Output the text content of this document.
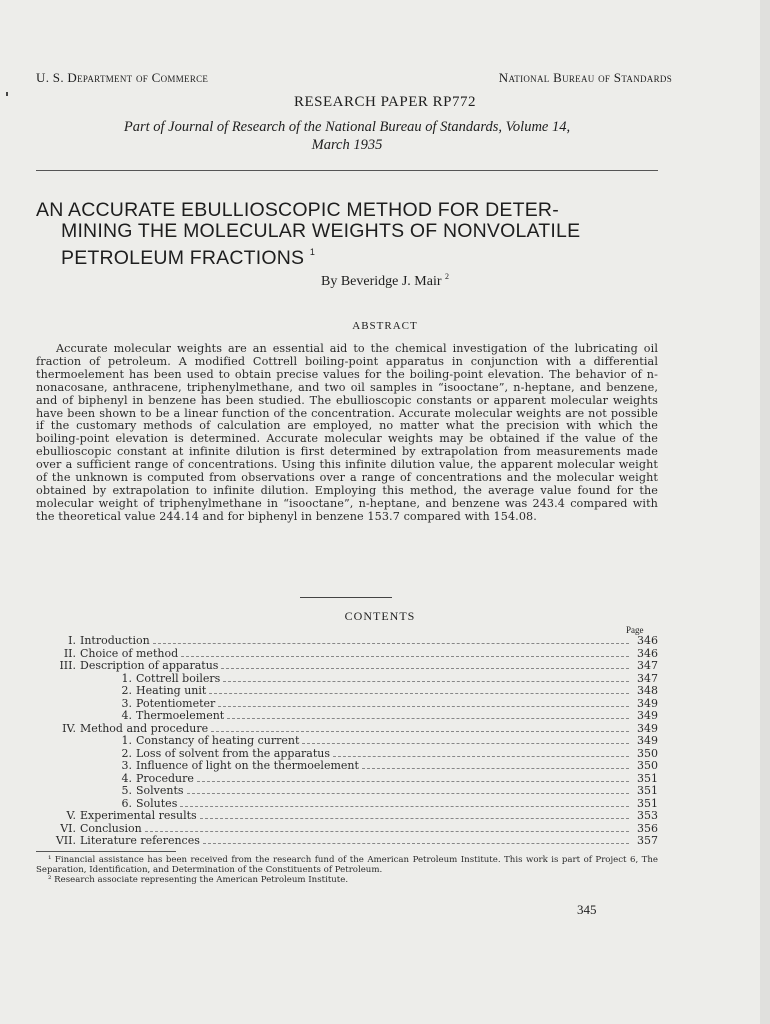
U. S. Department of Commerce	National Bureau of Standards
RESEARCH PAPER RP772
Part of Journal of Research of the National Bureau of Standards, Volume 14,
March 1935
AN ACCURATE EBULLIOSCOPIC METHOD FOR DETER-
MINING THE MOLECULAR WEIGHTS OF NONVOLATILE
PETROLEUM FRACTIONS $^1$
By Beveridge J. Mair $^2$
ABSTRACT
Accurate molecular weights are an essential aid to the chemical investigation of the lubricating oil fraction of petroleum. A modified Cottrell boiling-point apparatus in conjunction with a differential thermoelement has been used to obtain precise values for the boiling-point elevation. The behavior of n-nonacosane, anthracene, triphenylmethane, and two oil samples in “isooctane”, n-heptane, and benzene, and of biphenyl in benzene has been studied. The ebullioscopic constants or apparent molecular weights have been shown to be a linear function of the concentration. Accurate molecular weights are not possible if the customary methods of calculation are employed, no matter what the precision with which the boiling-point elevation is determined. Accurate molecular weights may be obtained if the value of the ebullioscopic constant at infinite dilution is first determined by extrapolation from measurements made over a sufficient range of concentrations. Using this infinite dilution value, the apparent molecular weight of the unknown is computed from observations over a range of concentrations and the molecular weight obtained by extrapolation to infinite dilution. Employing this method, the average value found for the molecular weight of triphenylmethane in “isooctane”, n-heptane, and benzene was 243.4 compared with the theoretical value 244.14 and for biphenyl in benzene 153.7 compared with 154.08.
CONTENTS
Page
I. Introduction	346
II. Choice of method	346
III. Description of apparatus	347
1. Cottrell boilers	347
2. Heating unit	348
3. Potentiometer	349
4. Thermoelement	349
IV. Method and procedure	349
1. Constancy of heating current	349
2. Loss of solvent from the apparatus	350
3. Influence of light on the thermoelement	350
4. Procedure	351
5. Solvents	351
6. Solutes	351
V. Experimental results	353
VI. Conclusion	356
VII. Literature references	357

¹ Financial assistance has been received from the research fund of the American Petroleum Institute. This work is part of Project 6, The Separation, Identification, and Determination of the Constituents of Petroleum.

² Research associate representing the American Petroleum Institute.

345
